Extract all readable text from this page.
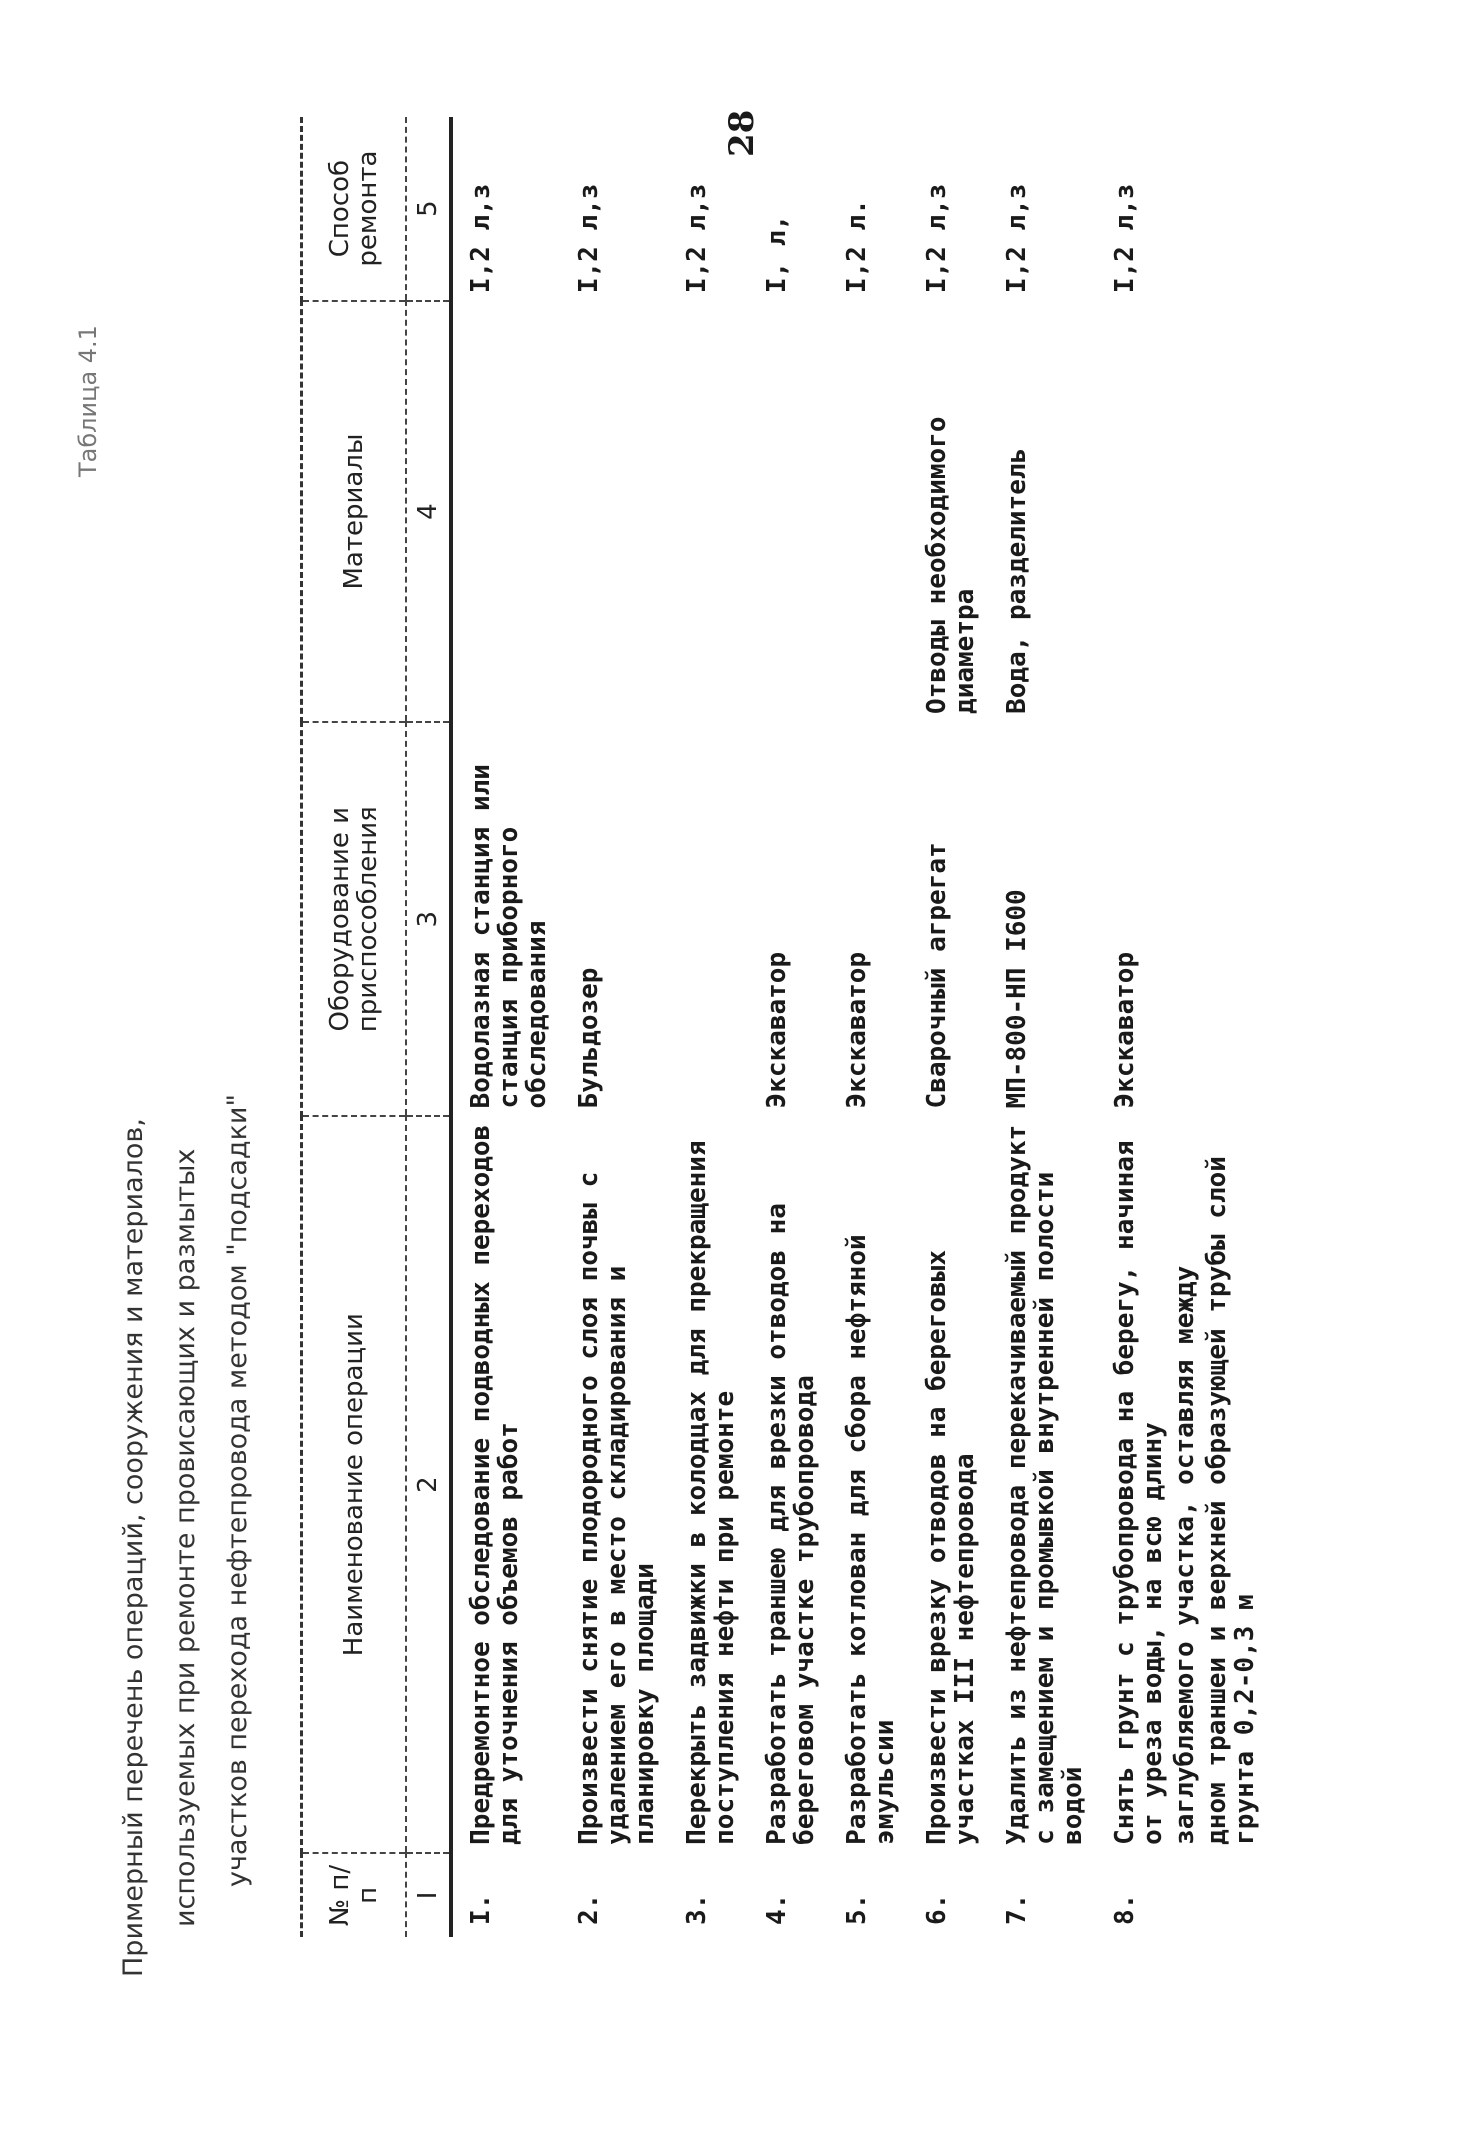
28
Таблица 4.1
Примерный перечень операций, сооружения и материалов, используемых при ремонте провисающих и размытых участков перехода нефтепровода методом "подсадки"
№ п/п	Наименование операции	Оборудование и приспособления	Материалы	Способ ремонта
I	2	3	4	5
I.	Предремонтное обследование подводных переходов для уточнения объемов работ	Водолазная станция или станция приборного обследования		I,2 л,з
2.	Произвести снятие плодородного слоя почвы с удалением его в место складирования и планировку площади	Бульдозер		I,2 л,з
3.	Перекрыть задвижки в колодцах для прекращения поступления нефти при ремонте			I,2 л,з
4.	Разработать траншею для врезки отводов на береговом участке трубопровода	Экскаватор		I, л,
5.	Разработать котлован для сбора нефтяной эмульсии	Экскаватор		I,2 л.
6.	Произвести врезку отводов на береговых участках III нефтепровода	Сварочный агрегат	Отводы необходимого диаметра	I,2 л,з
7.	Удалить из нефтепровода перекачиваемый продукт с замещением и промывкой внутренней полости водой	МП-800-НП I600	Вода, разделитель	I,2 л,з
8.	Снять грунт с трубопровода на берегу, начиная от уреза воды, на всю длину заглубляемого участка, оставляя между дном траншеи и верхней образующей трубы слой грунта 0,2-0,3 м	Экскаватор		I,2 л,з
